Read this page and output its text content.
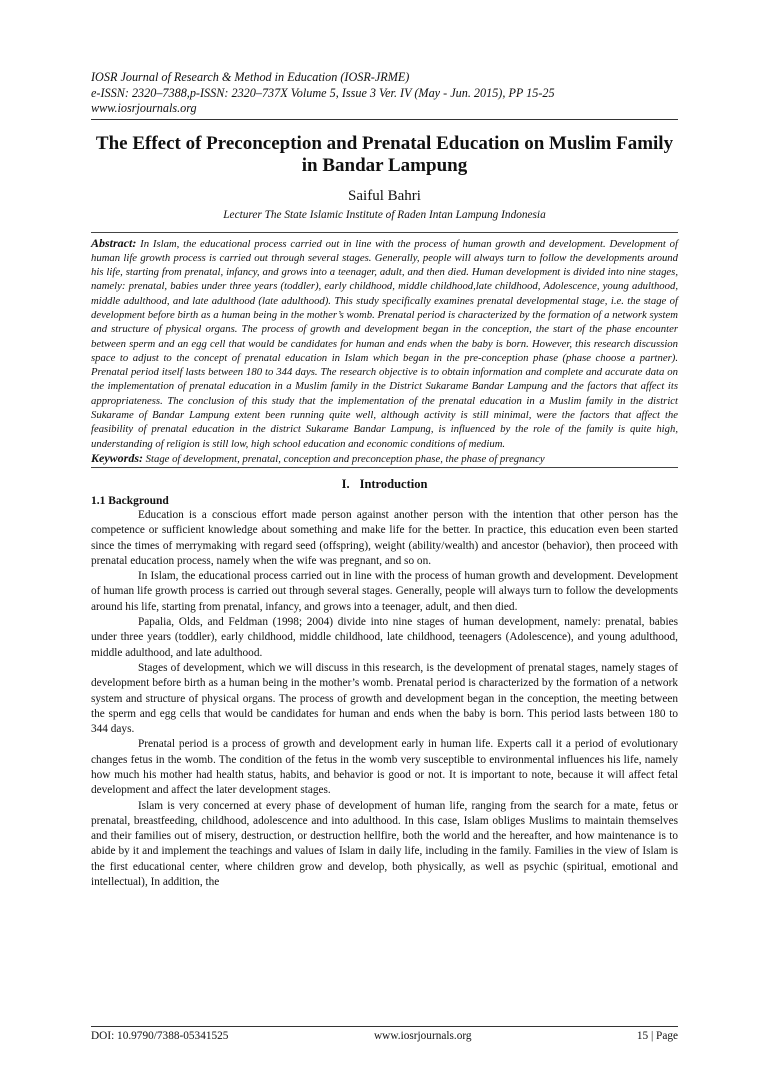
IOSR Journal of Research & Method in Education (IOSR-JRME)
e-ISSN: 2320–7388,p-ISSN: 2320–737X Volume 5, Issue 3 Ver. IV (May - Jun. 2015), PP 15-25
www.iosrjournals.org
The Effect of Preconception and Prenatal Education on Muslim Family in Bandar Lampung
Saiful Bahri
Lecturer The State Islamic Institute of Raden Intan Lampung Indonesia
Abstract: In Islam, the educational process carried out in line with the process of human growth and development. Development of human life growth process is carried out through several stages. Generally, people will always turn to follow the developments around his life, starting from prenatal, infancy, and grows into a teenager, adult, and then died. Human development is divided into nine stages, namely: prenatal, babies under three years (toddler), early childhood, middle childhood,late childhood, Adolescence, young adulthood, middle adulthood, and late adulthood (late adulthood). This study specifically examines prenatal developmental stage, i.e. the stage of development before birth as a human being in the mother’s womb. Prenatal period is characterized by the formation of a network system and structure of physical organs. The process of growth and development began in the conception, the start of the phase encounter between sperm and an egg cell that would be candidates for human and ends when the baby is born. However, this research discussion space to adjust to the concept of prenatal education in Islam which began in the pre-conception phase (phase choose a partner). Prenatal period itself lasts between 180 to 344 days. The research objective is to obtain information and complete and accurate data on the implementation of prenatal education in a Muslim family in the District Sukarame Bandar Lampung and the factors that affect its appropriateness. The conclusion of this study that the implementation of the prenatal education in a Muslim family in the district Sukarame of Bandar Lampung extent been running quite well, although activity is still minimal, were the factors that affect the feasibility of prenatal education in the district Sukarame Bandar Lampung, is influenced by the role of the family is quite high, understanding of religion is still low, high school education and economic conditions of medium.
Keywords: Stage of development, prenatal, conception and preconception phase, the phase of pregnancy
I. Introduction
1.1 Background

Education is a conscious effort made person against another person with the intention that other person has the competence or sufficient knowledge about something and make life for the better. In practice, this education even been started since the times of merrymaking with regard seed (offspring), weight (ability/wealth) and ancestor (behavior), then proceed with prenatal education process, namely when the wife was pregnant, and so on.

In Islam, the educational process carried out in line with the process of human growth and development. Development of human life growth process is carried out through several stages. Generally, people will always turn to follow the developments around his life, starting from prenatal, infancy, and grows into a teenager, adult, and then died.

Papalia, Olds, and Feldman (1998; 2004) divide into nine stages of human development, namely: prenatal, babies under three years (toddler), early childhood, middle childhood, late childhood, teenagers (Adolescence), and young adulthood, middle adulthood, and late adulthood.

Stages of development, which we will discuss in this research, is the development of prenatal stages, namely stages of development before birth as a human being in the mother’s womb. Prenatal period is characterized by the formation of a network system and structure of physical organs. The process of growth and development began in the conception, the meeting between the sperm and egg cells that would be candidates for human and ends when the baby is born. This period lasts between 180 to 344 days.

Prenatal period is a process of growth and development early in human life. Experts call it a period of evolutionary changes fetus in the womb. The condition of the fetus in the womb very susceptible to environmental influences his life, namely how much his mother had health status, habits, and behavior is good or not. It is important to note, because it will affect fetal development and affect the later development stages.

Islam is very concerned at every phase of development of human life, ranging from the search for a mate, fetus or prenatal, breastfeeding, childhood, adolescence and into adulthood. In this case, Islam obliges Muslims to maintain themselves and their families out of misery, destruction, or destruction hellfire, both the world and the hereafter, and how maintenance is to abide by it and implement the teachings and values of Islam in daily life, including in the family. Families in the view of Islam is the first educational center, where children grow and develop, both physically, as well as psychic (spiritual, emotional and intellectual), In addition, the

DOI: 10.9790/7388-05341525	www.iosrjournals.org	15 | Page
